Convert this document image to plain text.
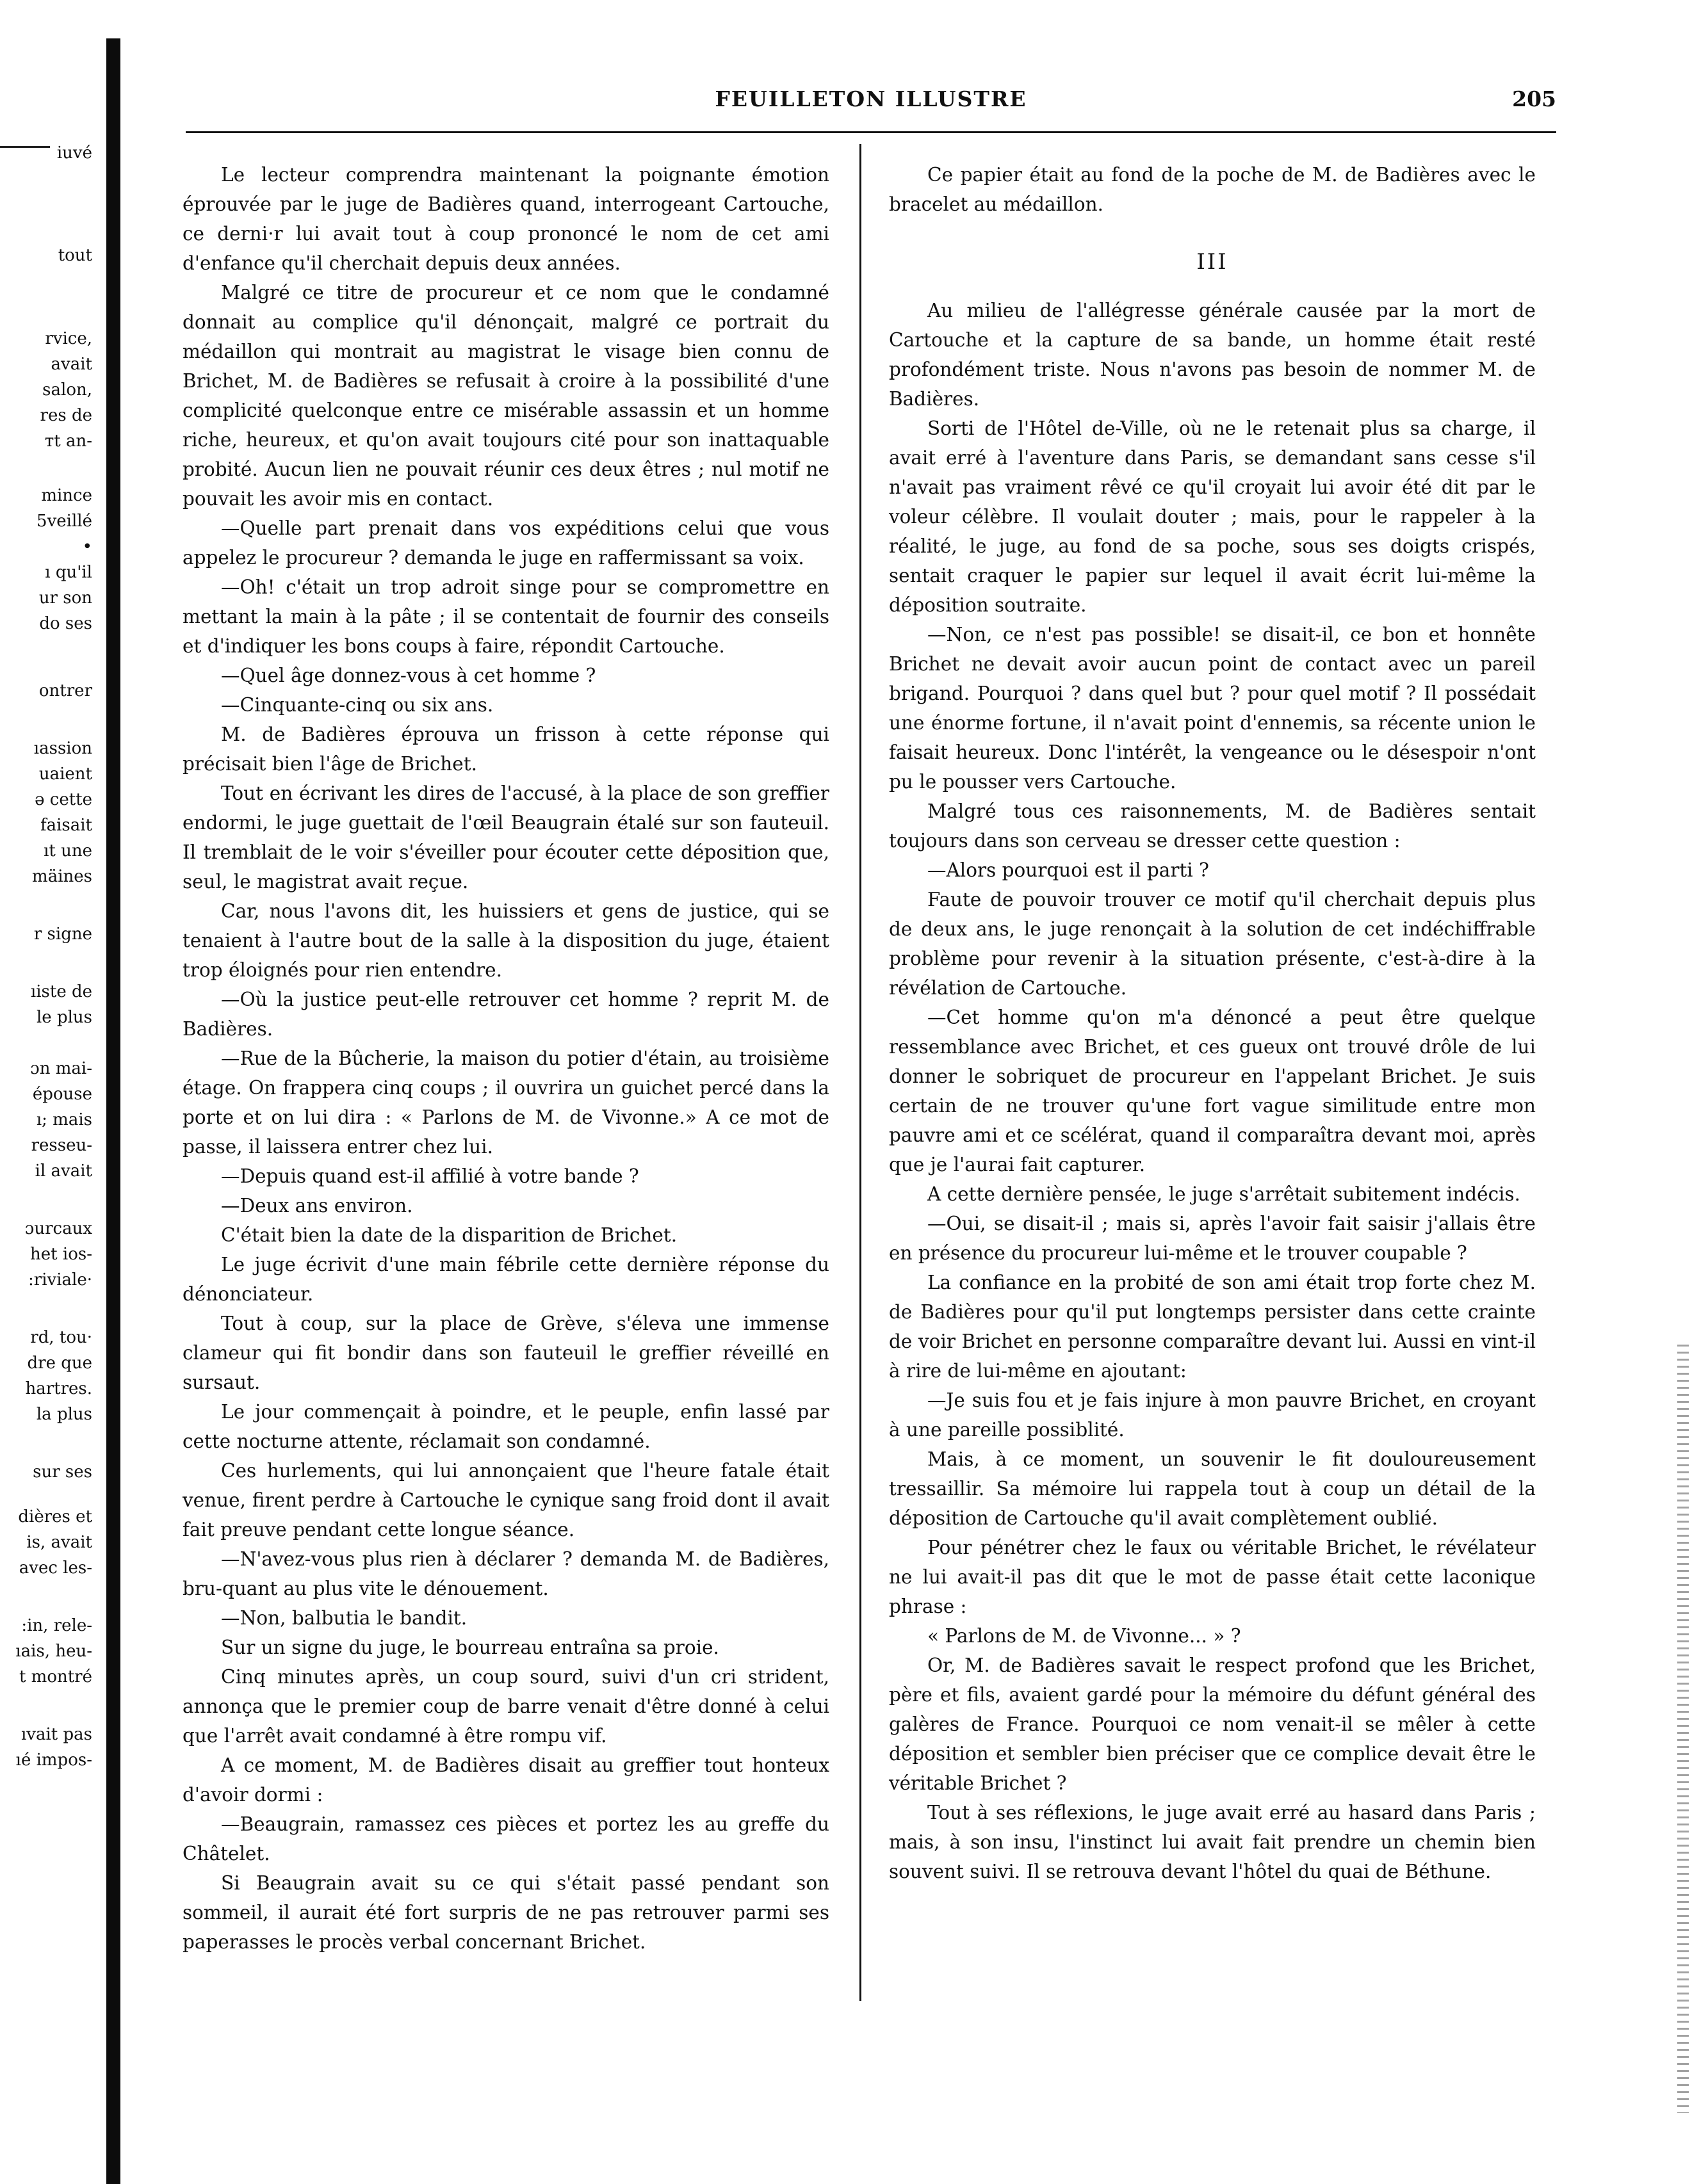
iuvé
tout
rvice,
avait
salon,
res de
ᴛt an-
mince
5veillé
•
ı qu'il
ur son
do ses
ontrer
ıassion
uaient
ə cette
faisait
ıt une
mäines
r signe
ıiste de
le plus
ɔn mai-
épouse
ı; mais
resseu-
il avait
ɔurcaux
het ios-
:riviale·
rd, tou·
dre que
hartres.
la plus
sur ses
dières et
is, avait
avec les-
:in, rele-
ıais, heu-
t montré
ıvait pas
ıé impos-
FEUILLETON ILLUSTRE	205

Le lecteur comprendra maintenant la poignante émotion éprouvée par le juge de Badières quand, interrogeant Cartouche, ce derni·r lui avait tout à coup prononcé le nom de cet ami d'enfance qu'il cherchait depuis deux années.

Malgré ce titre de procureur et ce nom que le condamné donnait au complice qu'il dénonçait, malgré ce portrait du médaillon qui montrait au magistrat le visage bien connu de Brichet, M. de Badières se refusait à croire à la possibilité d'une complicité quelconque entre ce misérable assassin et un homme riche, heureux, et qu'on avait toujours cité pour son inattaquable probité. Aucun lien ne pouvait réunir ces deux êtres ; nul motif ne pouvait les avoir mis en contact.

—Quelle part prenait dans vos expéditions celui que vous appelez le procureur ? demanda le juge en raffermissant sa voix.

—Oh! c'était un trop adroit singe pour se compromettre en mettant la main à la pâte ; il se contentait de fournir des conseils et d'indiquer les bons coups à faire, répondit Cartouche.

—Quel âge donnez-vous à cet homme ?

—Cinquante-cinq ou six ans.

M. de Badières éprouva un frisson à cette réponse qui précisait bien l'âge de Brichet.

Tout en écrivant les dires de l'accusé, à la place de son greffier endormi, le juge guettait de l'œil Beaugrain étalé sur son fauteuil. Il tremblait de le voir s'éveiller pour écouter cette déposition que, seul, le magistrat avait reçue.

Car, nous l'avons dit, les huissiers et gens de justice, qui se tenaient à l'autre bout de la salle à la disposition du juge, étaient trop éloignés pour rien entendre.

—Où la justice peut-elle retrouver cet homme ? reprit M. de Badières.

—Rue de la Bûcherie, la maison du potier d'étain, au troisième étage. On frappera cinq coups ; il ouvrira un guichet percé dans la porte et on lui dira : « Parlons de M. de Vivonne.» A ce mot de passe, il laissera entrer chez lui.

—Depuis quand est-il affilié à votre bande ?

—Deux ans environ.

C'était bien la date de la disparition de Brichet.

Le juge écrivit d'une main fébrile cette dernière réponse du dénonciateur.

Tout à coup, sur la place de Grève, s'éleva une immense clameur qui fit bondir dans son fauteuil le greffier réveillé en sursaut.

Le jour commençait à poindre, et le peuple, enfin lassé par cette nocturne attente, réclamait son condamné.

Ces hurlements, qui lui annonçaient que l'heure fatale était venue, firent perdre à Cartouche le cynique sang froid dont il avait fait preuve pendant cette longue séance.

—N'avez-vous plus rien à déclarer ? demanda M. de Badières, bru-quant au plus vite le dénouement.

—Non, balbutia le bandit.

Sur un signe du juge, le bourreau entraîna sa proie.

Cinq minutes après, un coup sourd, suivi d'un cri strident, annonça que le premier coup de barre venait d'être donné à celui que l'arrêt avait condamné à être rompu vif.

A ce moment, M. de Badières disait au greffier tout honteux d'avoir dormi :

—Beaugrain, ramassez ces pièces et portez les au greffe du Châtelet.

Si Beaugrain avait su ce qui s'était passé pendant son sommeil, il aurait été fort surpris de ne pas retrouver parmi ses paperasses le procès verbal concernant Brichet.

Ce papier était au fond de la poche de M. de Badières avec le bracelet au médaillon.

III

Au milieu de l'allégresse générale causée par la mort de Cartouche et la capture de sa bande, un homme était resté profondément triste. Nous n'avons pas besoin de nommer M. de Badières.

Sorti de l'Hôtel de-Ville, où ne le retenait plus sa charge, il avait erré à l'aventure dans Paris, se demandant sans cesse s'il n'avait pas vraiment rêvé ce qu'il croyait lui avoir été dit par le voleur célèbre. Il voulait douter ; mais, pour le rappeler à la réalité, le juge, au fond de sa poche, sous ses doigts crispés, sentait craquer le papier sur lequel il avait écrit lui-même la déposition soutraite.

—Non, ce n'est pas possible! se disait-il, ce bon et honnête Brichet ne devait avoir aucun point de contact avec un pareil brigand. Pourquoi ? dans quel but ? pour quel motif ? Il possédait une énorme fortune, il n'avait point d'ennemis, sa récente union le faisait heureux. Donc l'intérêt, la vengeance ou le désespoir n'ont pu le pousser vers Cartouche.

Malgré tous ces raisonnements, M. de Badières sentait toujours dans son cerveau se dresser cette question :

—Alors pourquoi est il parti ?

Faute de pouvoir trouver ce motif qu'il cherchait depuis plus de deux ans, le juge renonçait à la solution de cet indéchiffrable problème pour revenir à la situation présente, c'est-à-dire à la révélation de Cartouche.

—Cet homme qu'on m'a dénoncé a peut être quelque ressemblance avec Brichet, et ces gueux ont trouvé drôle de lui donner le sobriquet de procureur en l'appelant Brichet. Je suis certain de ne trouver qu'une fort vague similitude entre mon pauvre ami et ce scélérat, quand il comparaîtra devant moi, après que je l'aurai fait capturer.

A cette dernière pensée, le juge s'arrêtait subitement indécis.

—Oui, se disait-il ; mais si, après l'avoir fait saisir j'allais être en présence du procureur lui-même et le trouver coupable ?

La confiance en la probité de son ami était trop forte chez M. de Badières pour qu'il put longtemps persister dans cette crainte de voir Brichet en personne comparaître devant lui. Aussi en vint-il à rire de lui-même en ajoutant:

—Je suis fou et je fais injure à mon pauvre Brichet, en croyant à une pareille possiblité.

Mais, à ce moment, un souvenir le fit douloureusement tressaillir. Sa mémoire lui rappela tout à coup un détail de la déposition de Cartouche qu'il avait complètement oublié.

Pour pénétrer chez le faux ou véritable Brichet, le révélateur ne lui avait-il pas dit que le mot de passe était cette laconique phrase :

« Parlons de M. de Vivonne... » ?

Or, M. de Badières savait le respect profond que les Brichet, père et fils, avaient gardé pour la mémoire du défunt général des galères de France. Pourquoi ce nom venait-il se mêler à cette déposition et sembler bien préciser que ce complice devait être le véritable Brichet ?

Tout à ses réflexions, le juge avait erré au hasard dans Paris ; mais, à son insu, l'instinct lui avait fait prendre un chemin bien souvent suivi. Il se retrouva devant l'hôtel du quai de Béthune.
